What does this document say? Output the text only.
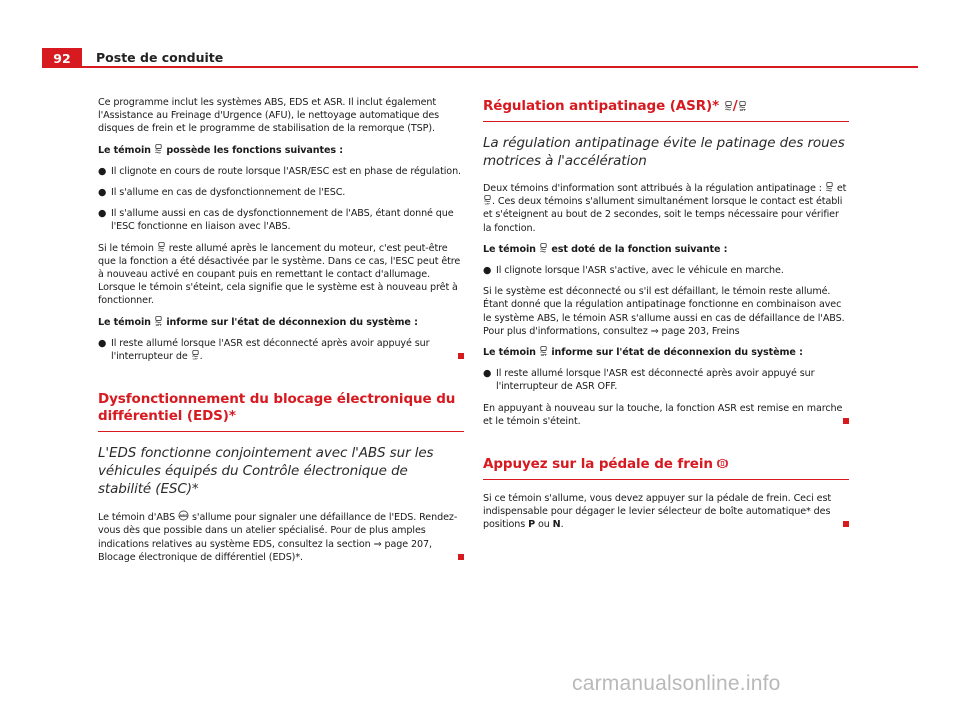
92	Poste de conduite

Ce programme inclut les systèmes ABS, EDS et ASR. Il inclut également l'Assistance au Freinage d'Urgence (AFU), le nettoyage automatique des disques de frein et le programme de stabilisation de la remorque (TSP).

Le témoin possède les fonctions suivantes :

● Il clignote en cours de route lorsque l'ASR/ESC est en phase de régulation.
● Il s'allume en cas de dysfonctionnement de l'ESC.
● Il s'allume aussi en cas de dysfonctionnement de l'ABS, étant donné que l'ESC fonctionne en liaison avec l'ABS.

Si le témoin reste allumé après le lancement du moteur, c'est peut-être que la fonction a été désactivée par le système. Dans ce cas, l'ESC peut être à nouveau activé en coupant puis en remettant le contact d'allumage. Lorsque le témoin s'éteint, cela signifie que le système est à nouveau prêt à fonctionner.

Le témoin informe sur l'état de déconnexion du système :

● Il reste allumé lorsque l'ASR est déconnecté après avoir appuyé sur l'interrupteur de .
Dysfonctionnement du blocage électronique du différentiel (EDS)*

L'EDS fonctionne conjointement avec l'ABS sur les véhicules équipés du Contrôle électronique de stabilité (ESC)*

Le témoin d'ABS s'allume pour signaler une défaillance de l'EDS. Rendez-vous dès que possible dans un atelier spécialisé. Pour de plus amples indications relatives au système EDS, consultez la section ⇒ page 207, Blocage électronique de différentiel (EDS)*.

Régulation antipatinage (ASR)* /

La régulation antipatinage évite le patinage des roues motrices à l'accélération

Deux témoins d'information sont attribués à la régulation antipatinage : et
. Ces deux témoins s'allument simultanément lorsque le contact est établi et s'éteignent au bout de 2 secondes, soit le temps nécessaire pour vérifier la fonction.

Le témoin est doté de la fonction suivante :

● Il clignote lorsque l'ASR s'active, avec le véhicule en marche.

Si le système est déconnecté ou s'il est défaillant, le témoin reste allumé. Étant donné que la régulation antipatinage fonctionne en combinaison avec le système ABS, le témoin ASR s'allume aussi en cas de défaillance de l'ABS. Pour plus d'informations, consultez ⇒ page 203, Freins

Le témoin informe sur l'état de déconnexion du système :

● Il reste allumé lorsque l'ASR est déconnecté après avoir appuyé sur l'interrupteur de ASR OFF.

En appuyant à nouveau sur la touche, la fonction ASR est remise en marche et le témoin s'éteint.

Appuyez sur la pédale de frein

Si ce témoin s'allume, vous devez appuyer sur la pédale de frein. Ceci est indispensable pour dégager le levier sélecteur de boîte automatique* des positions P ou N.

carmanualsonline.info
